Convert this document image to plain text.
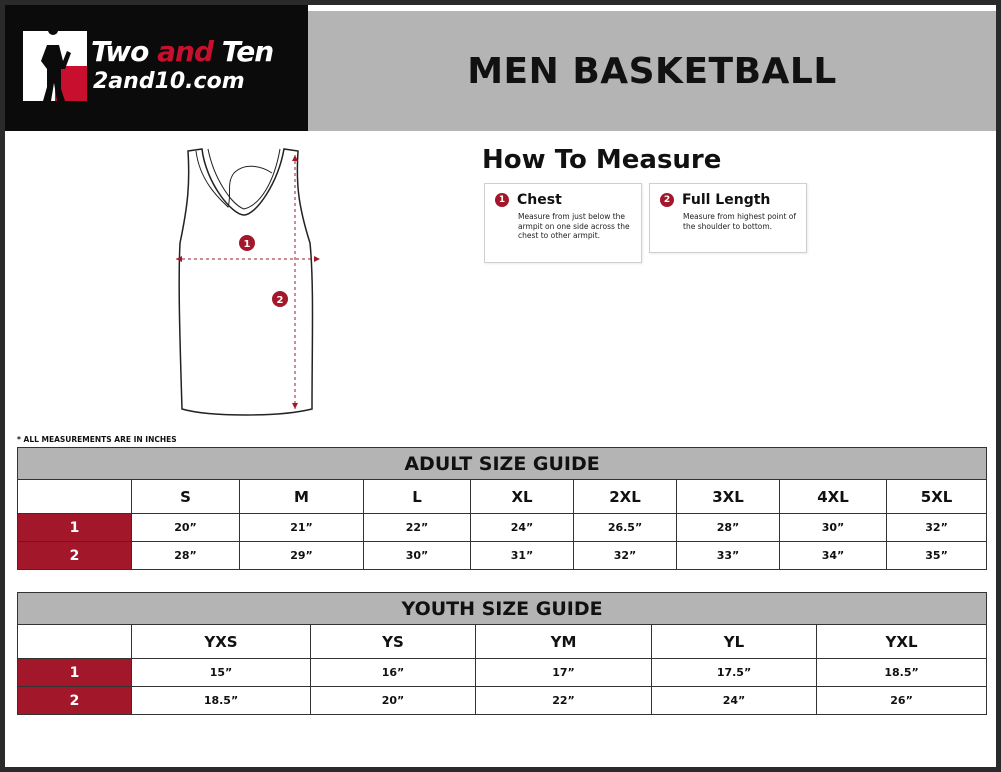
Two and Ten
2and10.com	MEN BASKETBALL
1
2
How To Measure
1 Chest
Measure from just below the armpit on one side across the chest to other armpit.
2 Full Length
Measure from highest point of the shoulder to bottom.
* ALL MEASUREMENTS ARE IN INCHES
ADULT SIZE GUIDE								
	S	M	L	XL	2XL	3XL	4XL	5XL
1	20”	21”	22”	24”	26.5”	28”	30”	32”
2	28”	29”	30”	31”	32”	33”	34”	35”
YOUTH SIZE GUIDE					
	YXS	YS	YM	YL	YXL
1	15”	16”	17”	17.5”	18.5”
2	18.5”	20”	22”	24”	26”
